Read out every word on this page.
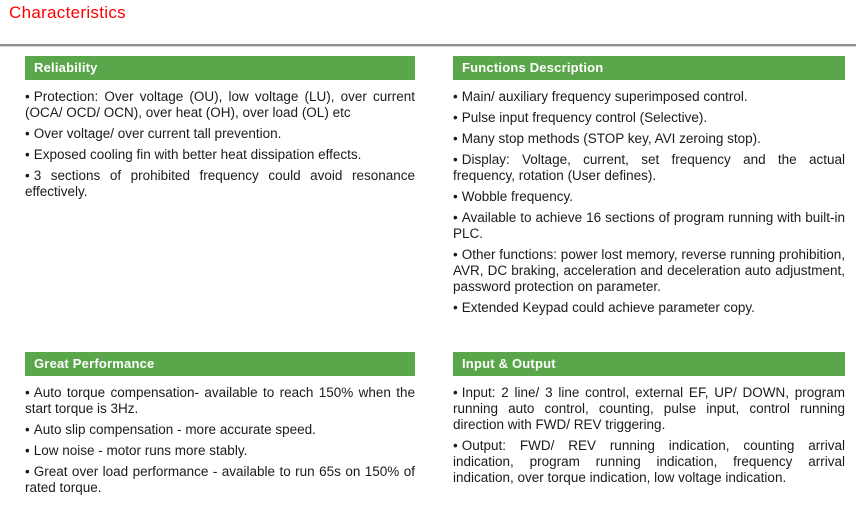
Characteristics
Reliability
• Protection: Over voltage (OU), low voltage (LU), over current (OCA/ OCD/ OCN), over heat (OH), over load (OL) etc
• Over voltage/ over current tall prevention.
• Exposed cooling fin with better heat dissipation effects.
• 3 sections of prohibited frequency could avoid resonance effectively.
Functions Description
• Main/ auxiliary frequency superimposed control.
• Pulse input frequency control (Selective).
• Many stop methods (STOP key, AVI zeroing stop).
• Display: Voltage, current, set frequency and the actual frequency, rotation (User defines).
• Wobble frequency.
• Available to achieve 16 sections of program running with built-in PLC.
• Other functions: power lost memory, reverse running prohibition, AVR, DC braking, acceleration and deceleration auto adjustment, password protection on parameter.
• Extended Keypad could achieve parameter copy.
Great Performance
• Auto torque compensation- available to reach 150% when the start torque is 3Hz.
• Auto slip compensation - more accurate speed.
• Low noise - motor runs more stably.
• Great over load performance - available to run 65s on 150% of rated torque.
Input & Output
• Input: 2 line/ 3 line control, external EF, UP/ DOWN, program running auto control, counting, pulse input, control running direction with FWD/ REV triggering.
• Output: FWD/ REV running indication, counting arrival indication, program running indication, frequency arrival indication, over torque indication, low voltage indication.
